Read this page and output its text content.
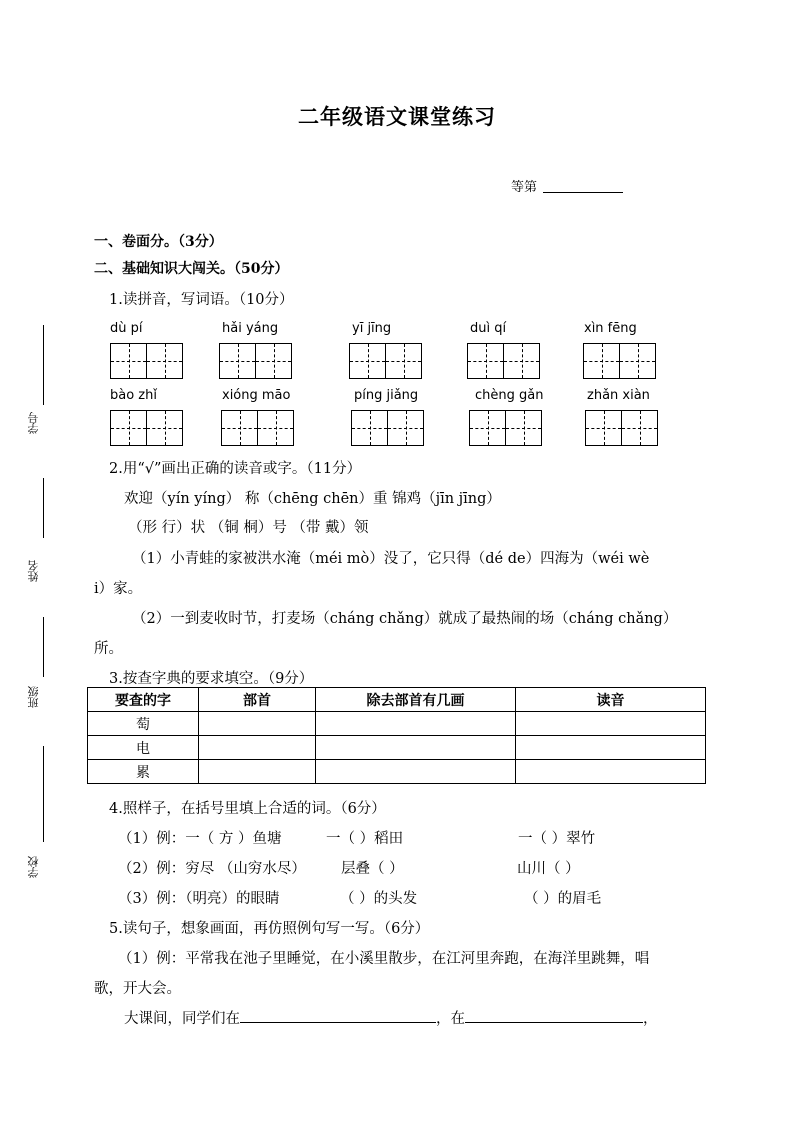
二年级语文课堂练习
等第
一、卷面分。（3分）
二、基础知识大闯关。（50分）
1.读拼音，写词语。（10分）
dù pí	hǎi yáng	yī jīng	duì qí	xìn fēng
bào zhǐ	xióng māo	píng jiǎng	chèng gǎn	zhǎn xiàn
2.用“√”画出正确的读音或字。（11分）
欢迎（yín yíng） 称（chēng chēn）重 锦鸡（jīn jīng）
（形 行）状 （铜 桐）号 （带 戴）领
（1）小青蛙的家被洪水淹（méi mò）没了，它只得（dé de）四海为（wéi wè
i）家。
（2）一到麦收时节，打麦场（cháng chǎng）就成了最热闹的场（cháng chǎng）
所。
3.按查字典的要求填空。（9分）
要查的字	部首	除去部首有几画	读音
萄			
电			
累			
4.照样子，在括号里填上合适的词。（6分）
（1）例：一（ 方 ）鱼塘	一（ ）稻田	一（ ）翠竹
（2）例：穷尽 （山穷水尽） 层叠（ ）	山川（ ）
（3）例：（明亮）的眼睛	（ ）的头发	（ ）的眉毛
5.读句子，想象画面，再仿照例句写一写。（6分）
（1）例：平常我在池子里睡觉，在小溪里散步，在江河里奔跑，在海洋里跳舞，唱
歌，开大会。
大课间，同学们在	，在	，
学号
姓名
班级
学校
